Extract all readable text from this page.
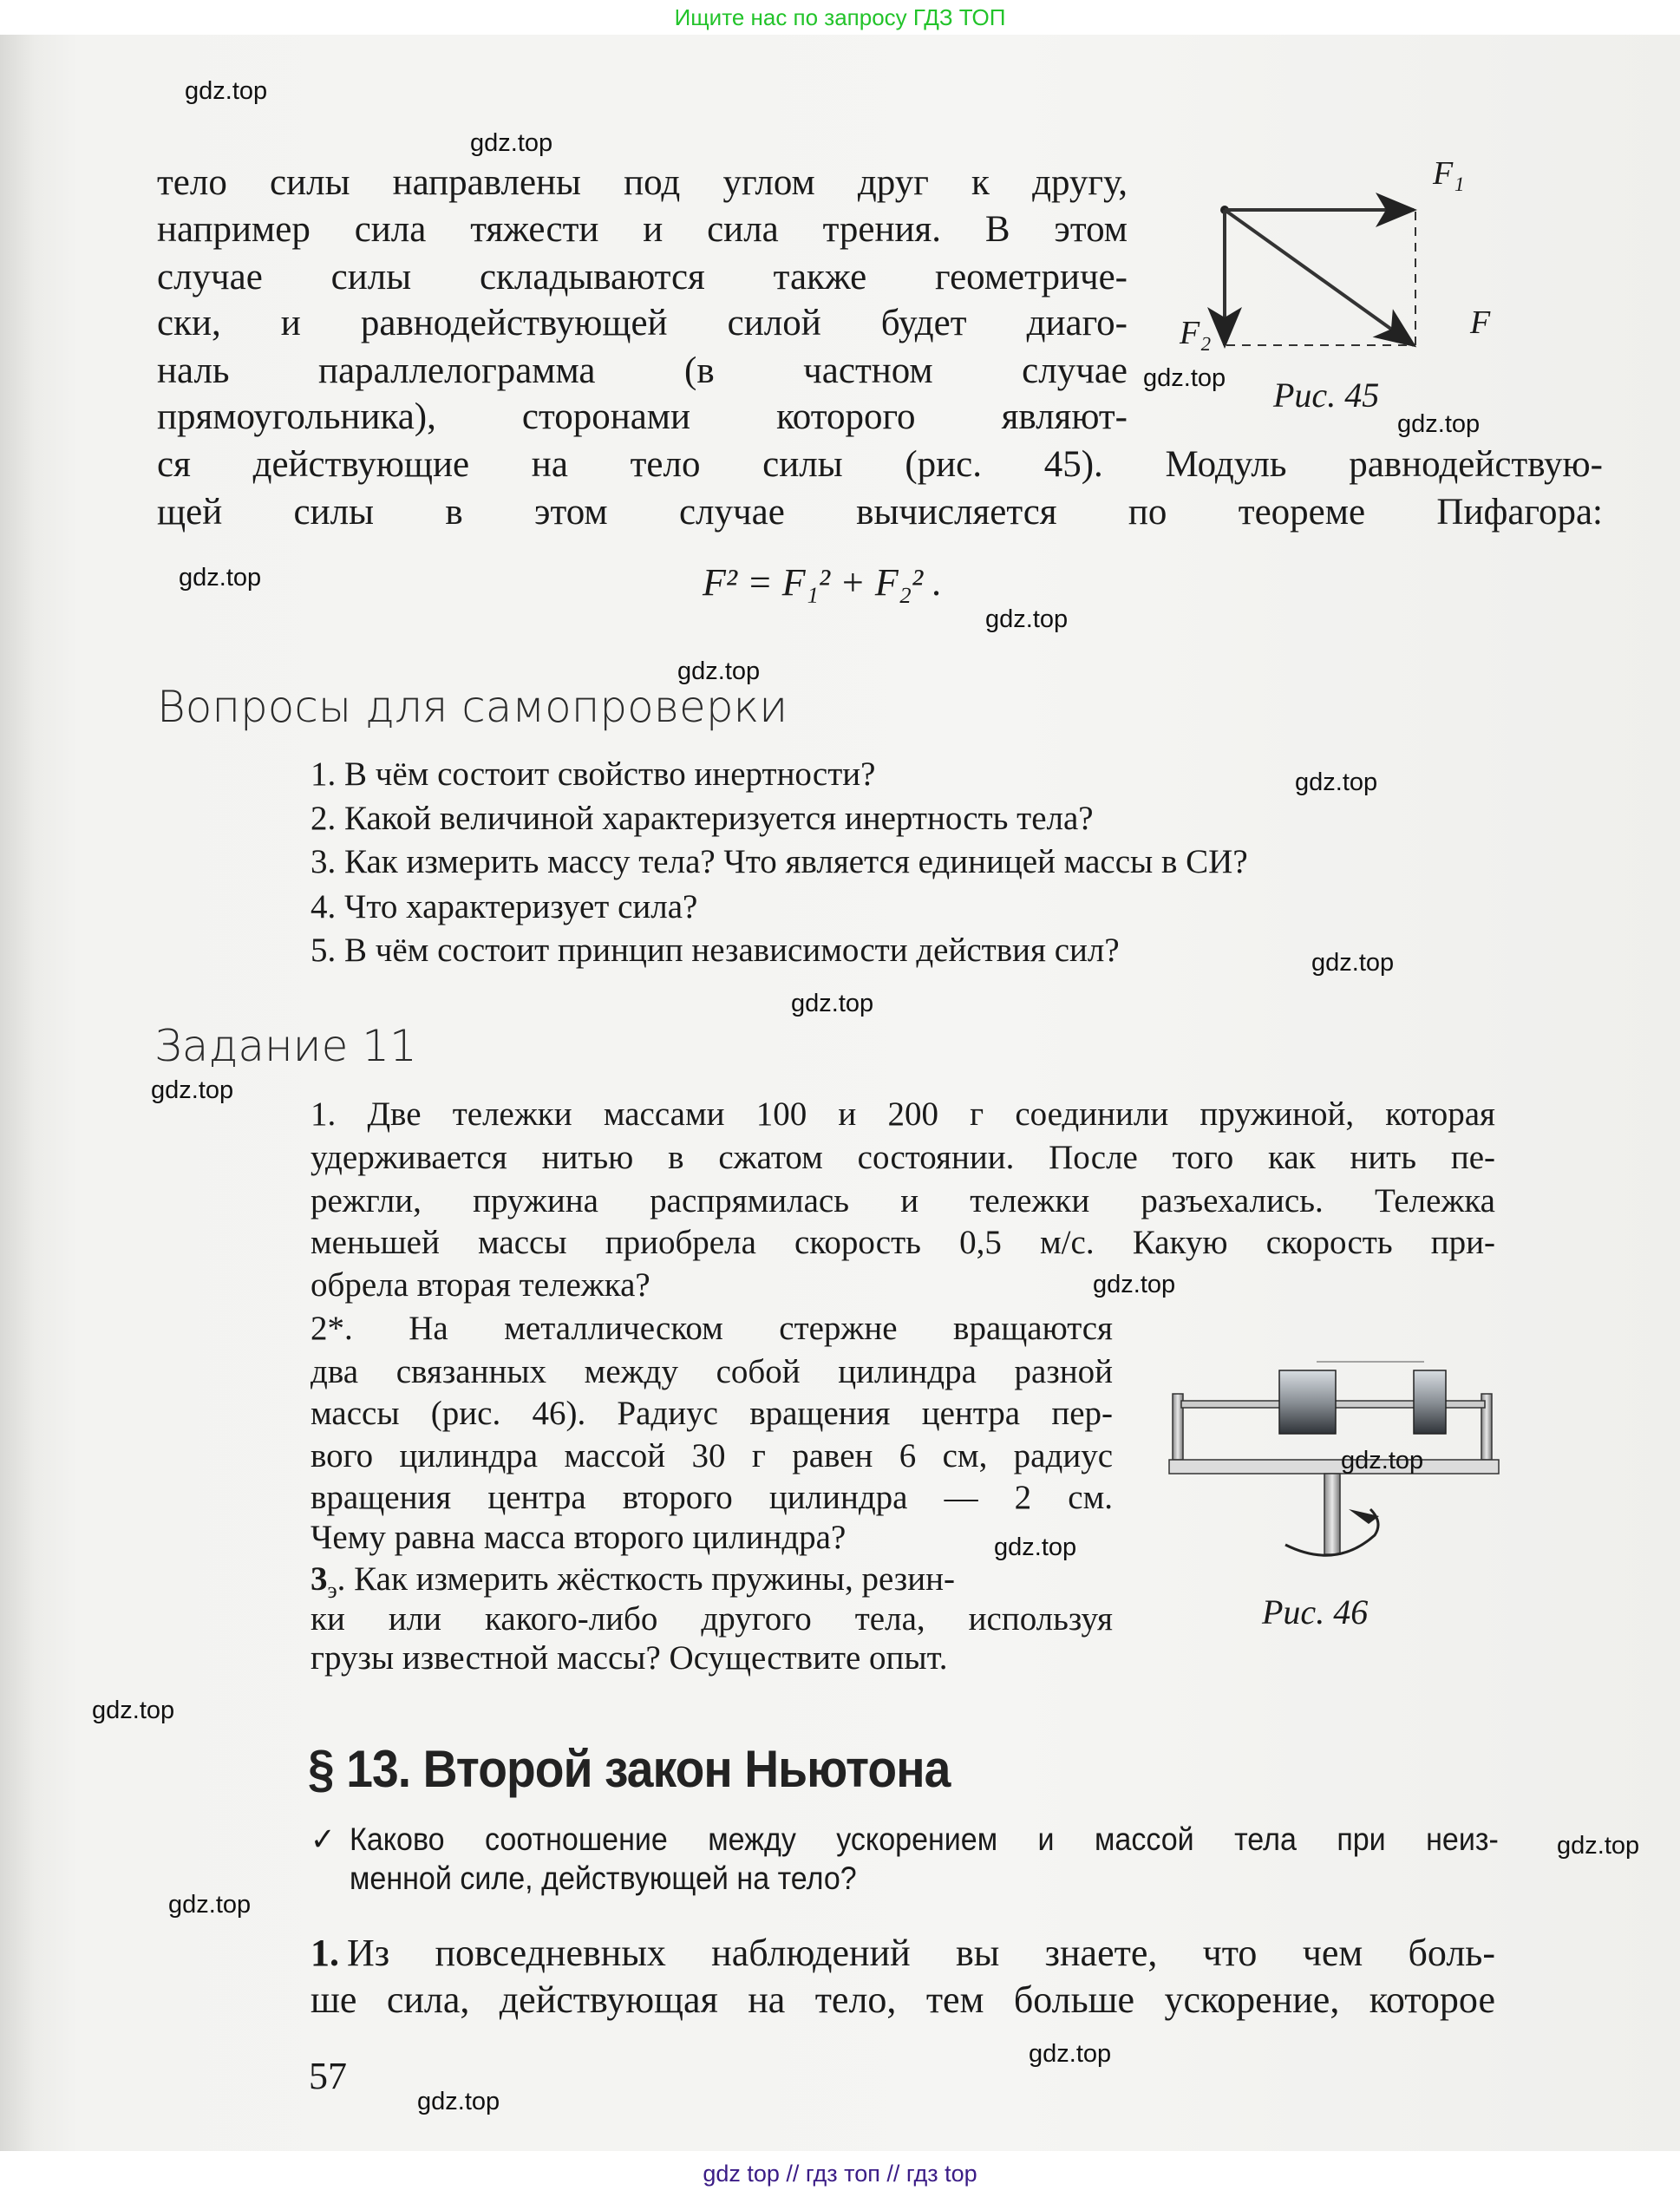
Ищите нас по запросу ГДЗ ТОП
тело силы направлены под углом друг к другу,
например сила тяжести и сила трения. В этом
случае силы складываются также геометриче-
ски, и равнодействующей силой будет диаго-
наль параллелограмма (в частном случае
прямоугольника), сторонами которого являют-
ся действующие на тело силы (рис. 45). Модуль равнодействую-
щей силы в этом случае вычисляется по теореме Пифагора:
F² = F₁² + F₂² .
F₁
F₂	F
Рис. 45
Вопросы для самопроверки
1. В чём состоит свойство инертности?
2. Какой величиной характеризуется инертность тела?
3. Как измерить массу тела? Что является единицей массы в СИ?
4. Что характеризует сила?
5. В чём состоит принцип независимости действия сил?
Задание 11
1. Две тележки массами 100 и 200 г соединили пружиной, которая
удерживается нитью в сжатом состоянии. После того как нить пе-
режгли, пружина распрямилась и тележки разъехались. Тележка
меньшей массы приобрела скорость 0,5 м/с. Какую скорость при-
обрела вторая тележка?
2*. На металлическом стержне вращаются
два связанных между собой цилиндра разной
массы (рис. 46). Радиус вращения центра пер-
вого цилиндра массой 30 г равен 6 см, радиус
вращения центра второго цилиндра — 2 см.
Чему равна масса второго цилиндра?
$3_э$. Как измерить жёсткость пружины, резин-
ки или какого-либо другого тела, используя
грузы известной массы? Осуществите опыт.
Рис. 46
§ 13. Второй закон Ньютона
✓ Каково соотношение между ускорением и массой тела при неиз-
менной силе, действующей на тело?
1. Из повседневных наблюдений вы знаете, что чем боль-
ше сила, действующая на тело, тем больше ускорение, которое
57
gdz.top
gdz.top
gdz.top
gdz.top
gdz.top
gdz.top
gdz.top
gdz.top
gdz.top
gdz.top
gdz.top
gdz.top
gdz.top
gdz.top
gdz.top
gdz.top
gdz.top
gdz.top
gdz.top
gdz top // гдз топ // гдз top
